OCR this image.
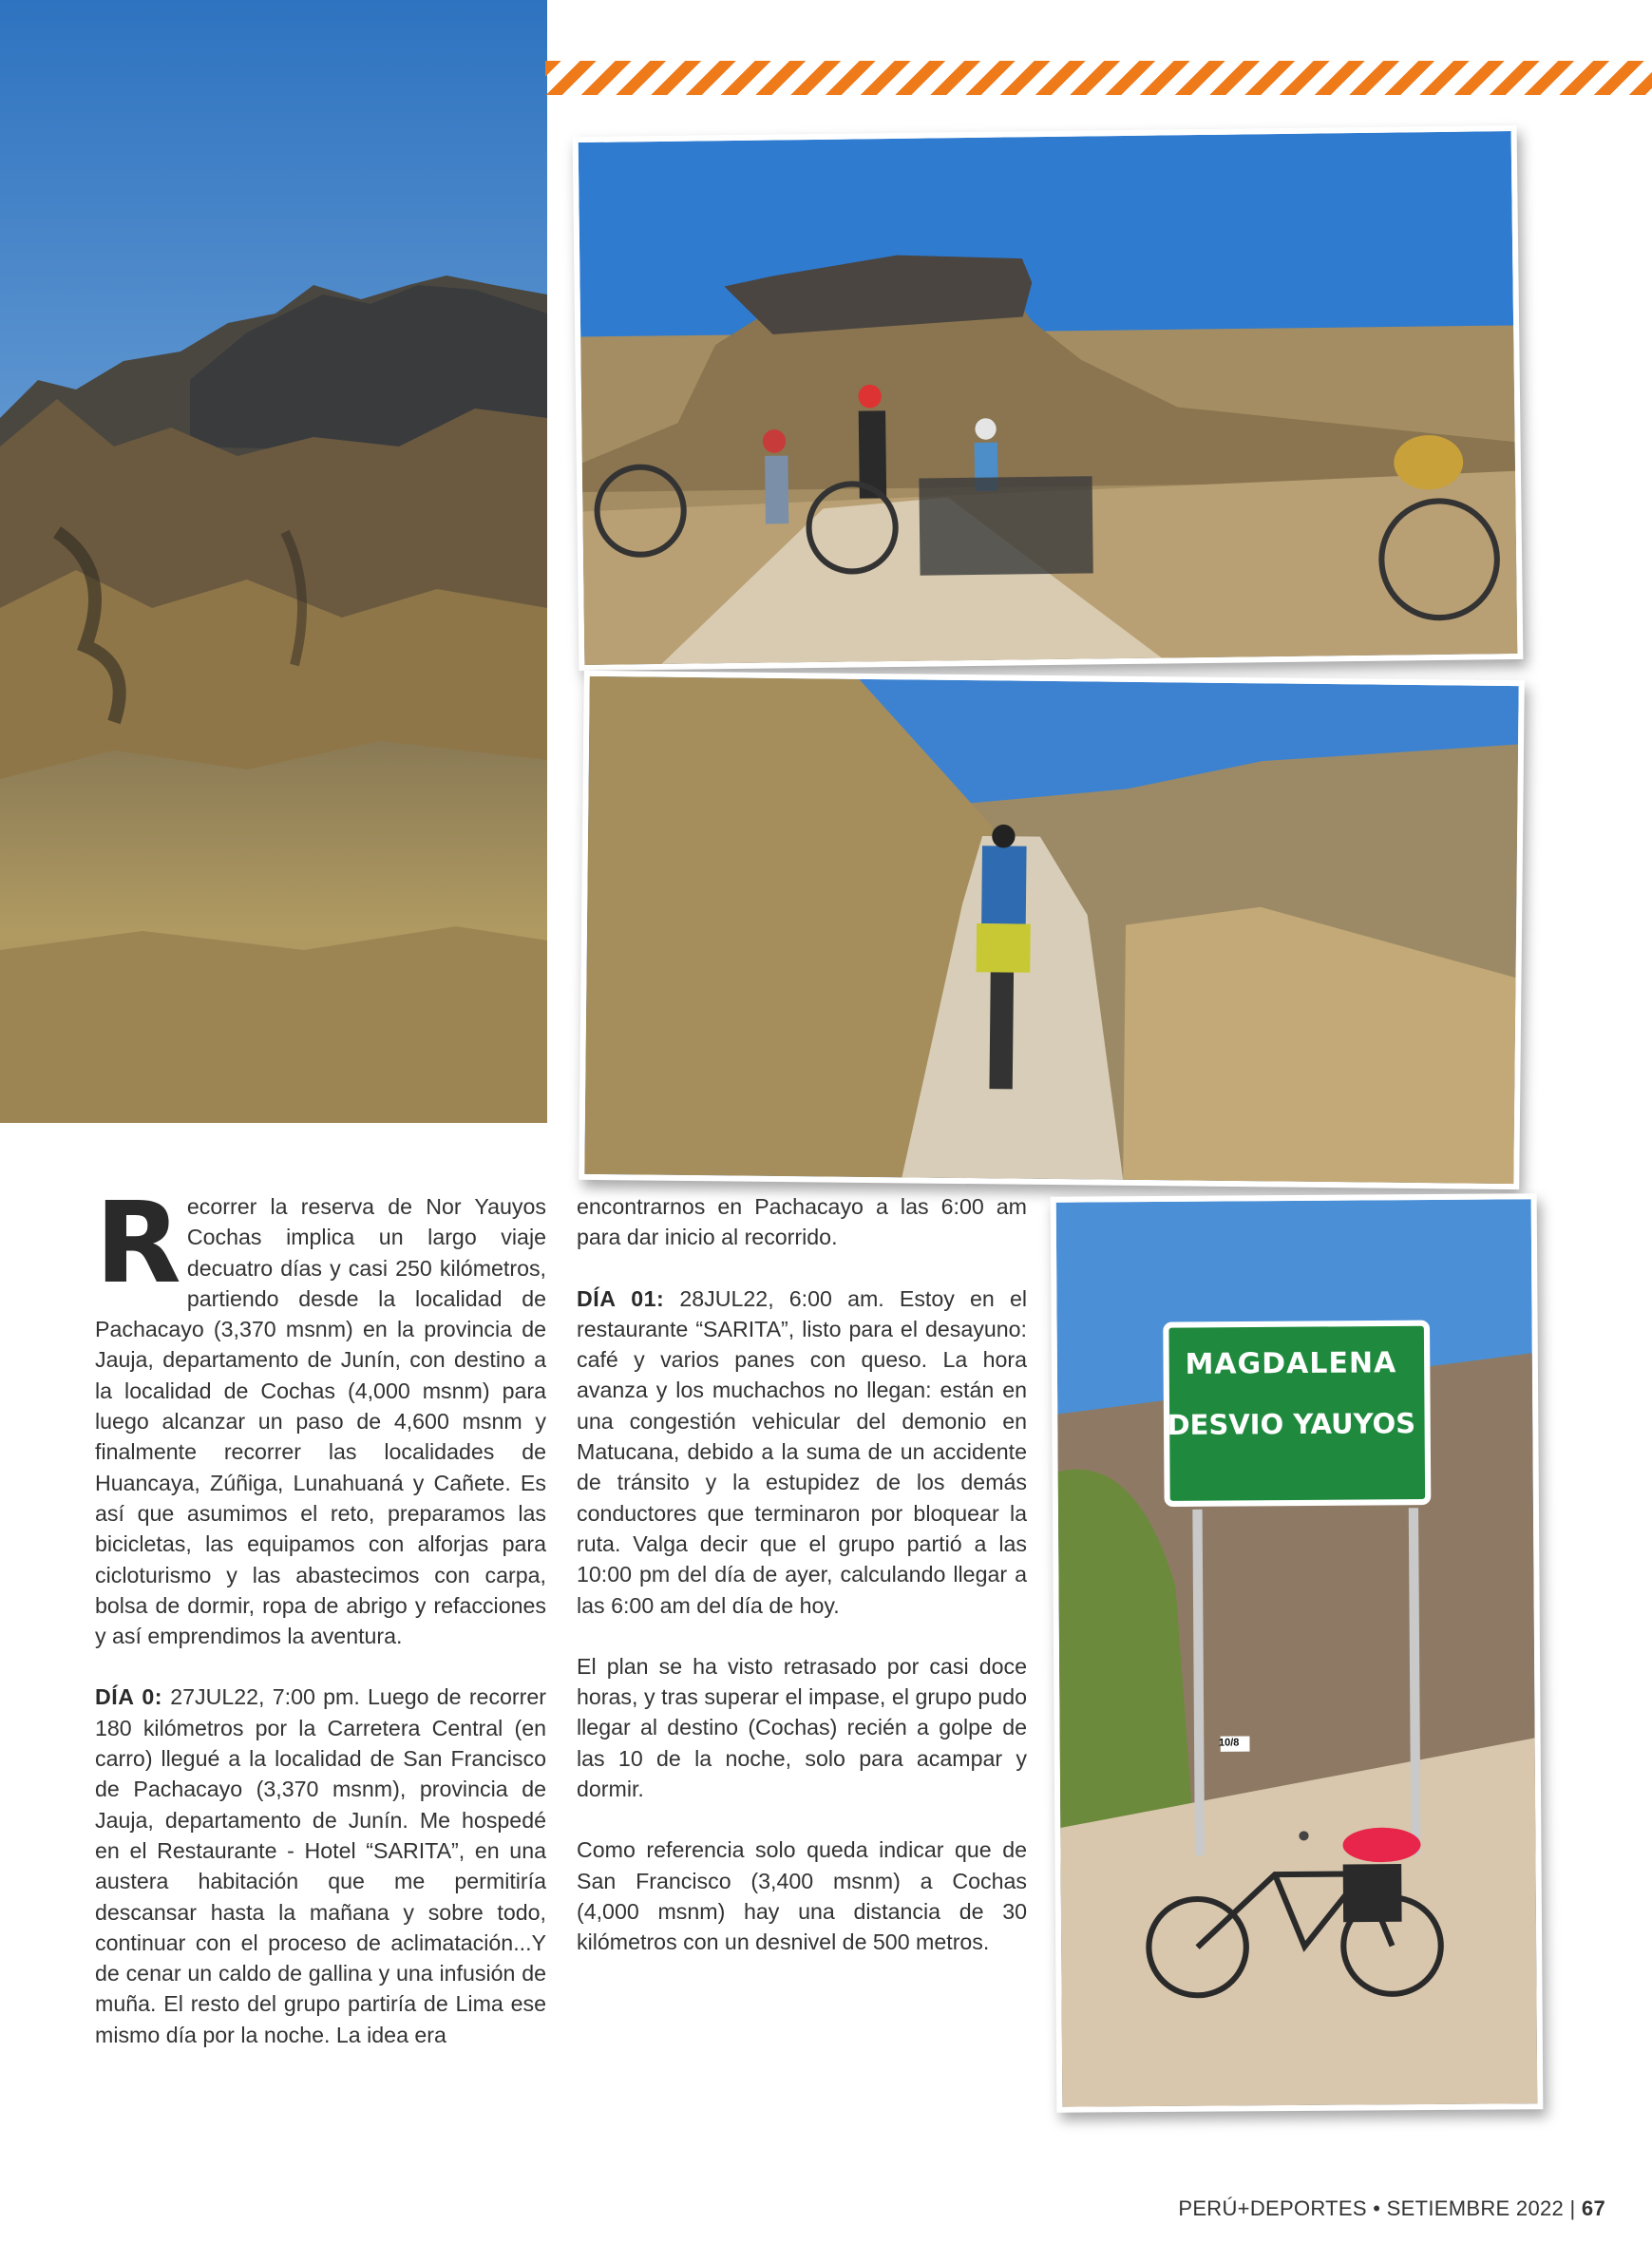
MAGDALENA
DESVIO YAUYOS
10/8

Recorrer la reserva de Nor Yauyos Cochas implica un largo viaje decuatro días y casi 250 kilómetros, partiendo desde la localidad de Pachacayo (3,370 msnm) en la provincia de Jauja, departamento de Junín, con destino a la localidad de Cochas (4,000 msnm) para luego alcanzar un paso de 4,600 msnm y finalmente recorrer las localidades de Huancaya, Zúñiga, Lunahuaná y Cañete. Es así que asumimos el reto, preparamos las bicicletas, las equipamos con alforjas para cicloturismo y las abastecimos con carpa, bolsa de dormir, ropa de abrigo y refacciones y así emprendimos la aventura.

DÍA 0: 27JUL22, 7:00 pm. Luego de recorrer 180 kilómetros por la Carretera Central (en carro) llegué a la localidad de San Francisco de Pachacayo (3,370 msnm), provincia de Jauja, departamento de Junín. Me hospedé en el Restaurante - Hotel “SARITA”, en una austera habitación que me permitiría descansar hasta la mañana y sobre todo, continuar con el proceso de aclimatación...Y de cenar un caldo de gallina y una infusión de muña. El resto del grupo partiría de Lima ese mismo día por la noche. La idea era

encontrarnos en Pachacayo a las 6:00 am para dar inicio al recorrido.

DÍA 01: 28JUL22, 6:00 am. Estoy en el restaurante “SARITA”, listo para el desayuno: café y varios panes con queso. La hora avanza y los muchachos no llegan: están en una congestión vehicular del demonio en Matucana, debido a la suma de un accidente de tránsito y la estupidez de los demás conductores que terminaron por bloquear la ruta. Valga decir que el grupo partió a las 10:00 pm del día de ayer, calculando llegar a las 6:00 am del día de hoy.

El plan se ha visto retrasado por casi doce horas, y tras superar el impase, el grupo pudo llegar al destino (Cochas) recién a golpe de las 10 de la noche, solo para acampar y dormir.

Como referencia solo queda indicar que de San Francisco (3,400 msnm) a Cochas (4,000 msnm) hay una distancia de 30 kilómetros con un desnivel de 500 metros.

PERÚ+DEPORTES • SETIEMBRE 2022 | 67
